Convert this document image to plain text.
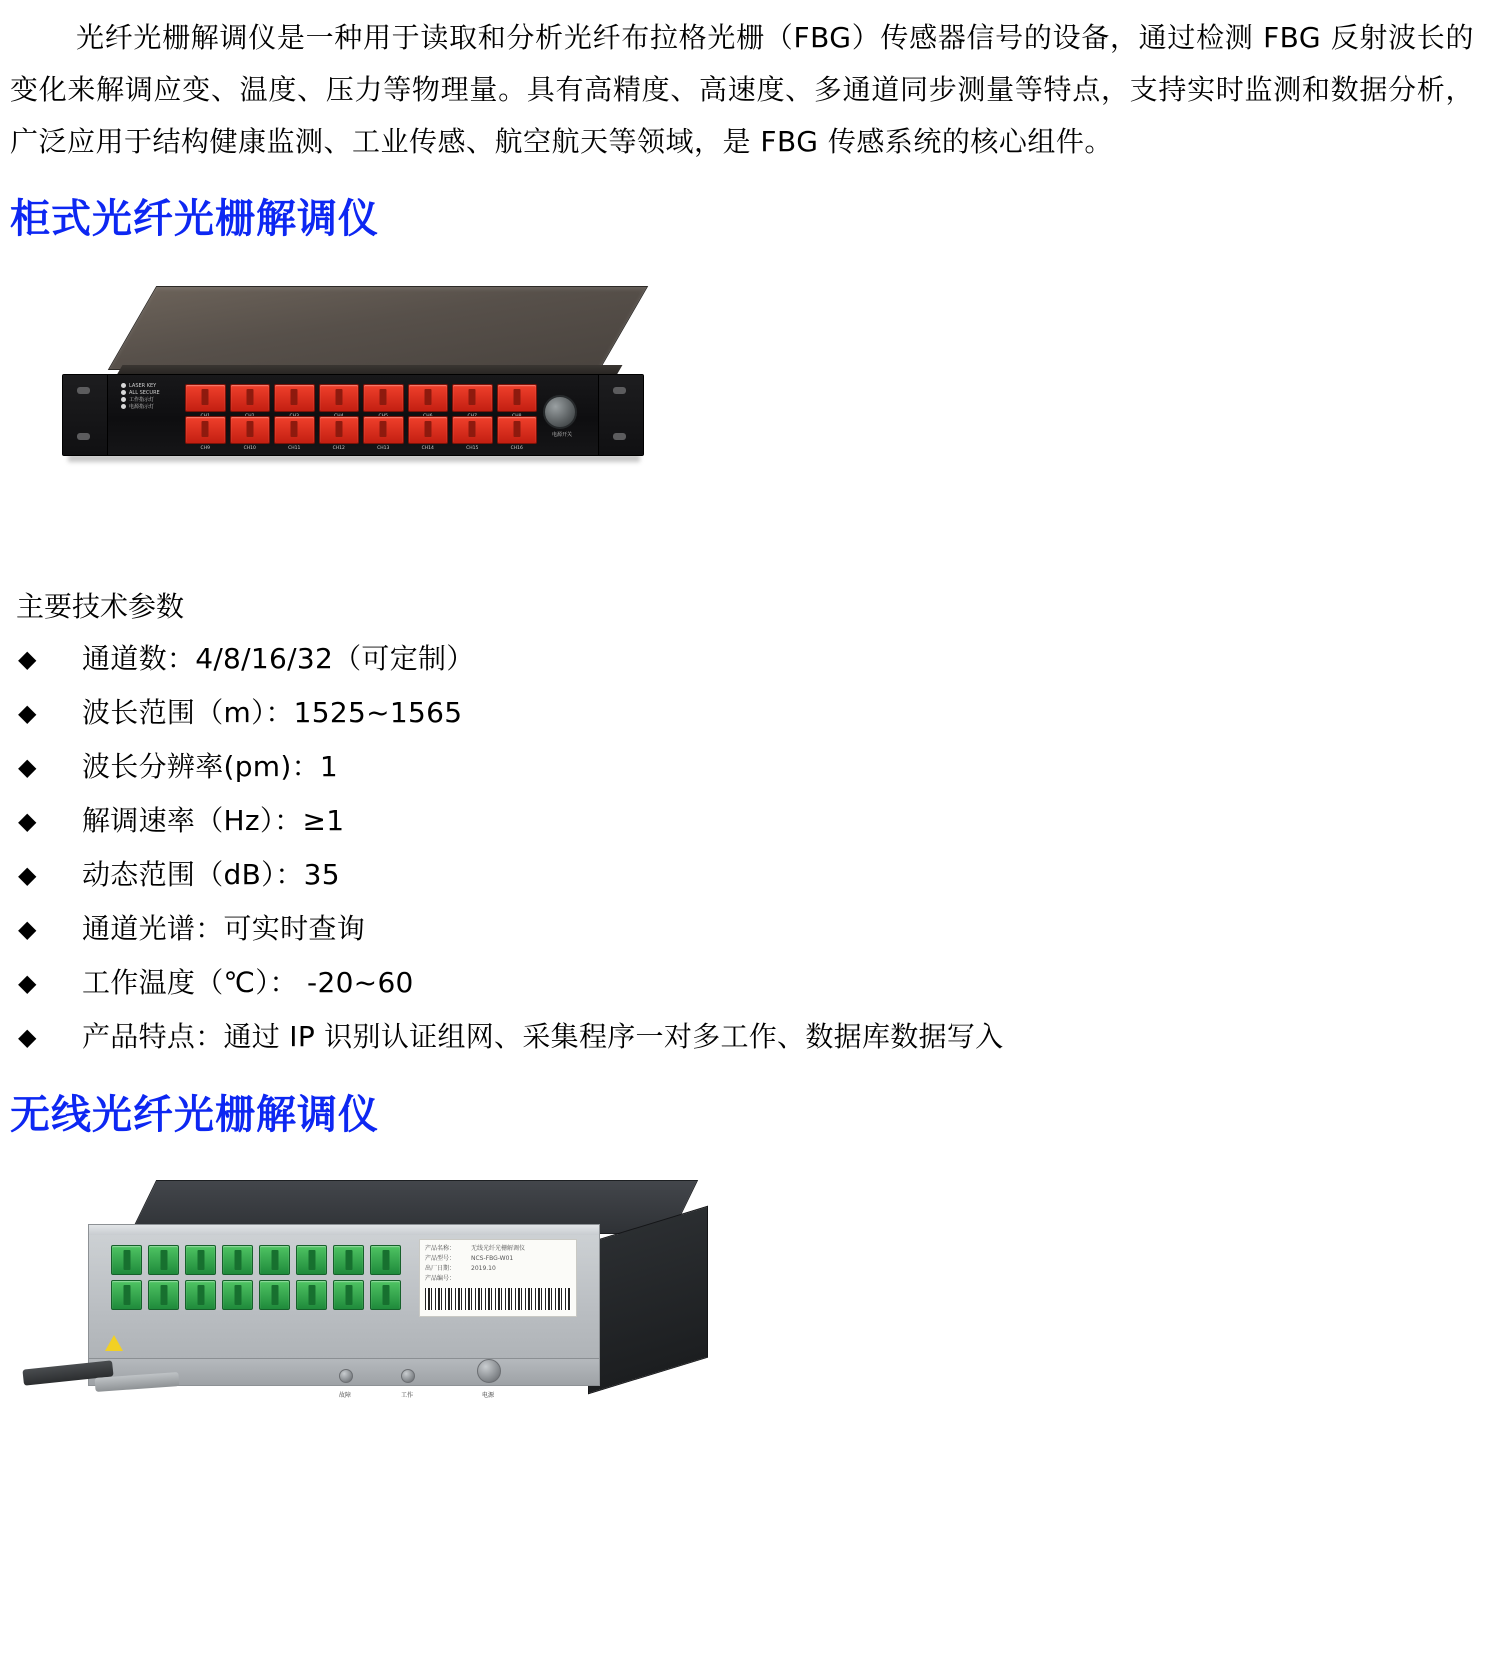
光纤光栅解调仪是一种用于读取和分析光纤布拉格光栅（FBG）传感器信号的设备，通过检测 FBG 反射波长的变化来解调应变、温度、压力等物理量。具有高精度、高速度、多通道同步测量等特点，支持实时监测和数据分析，广泛应用于结构健康监测、工业传感、航空航天等领域，是 FBG 传感系统的核心组件。

柜式光纤光栅解调仪
LASER KEY
ALL SECURE
工作指示灯
电源指示灯
CH9	CH10	CH11	CH12	CH13	CH14	CH15	CH16
电源开关
主要技术参数
◆ 通道数：4/8/16/32（可定制）
◆ 波长范围（m）：1525~1565
◆ 波长分辨率(pm)：1
◆ 解调速率（Hz）：≥1
◆ 动态范围（dB）：35
◆ 通道光谱：可实时查询
◆ 工作温度（℃）： -20~60
◆ 产品特点：通过 IP 识别认证组网、采集程序一对多工作、数据库数据写入
无线光纤光栅解调仪
产品名称：	无线光纤光栅解调仪
产品型号：	NCS-FBG-W01
出厂日期：	2019.10
产品编号：
故障	工作	电源
